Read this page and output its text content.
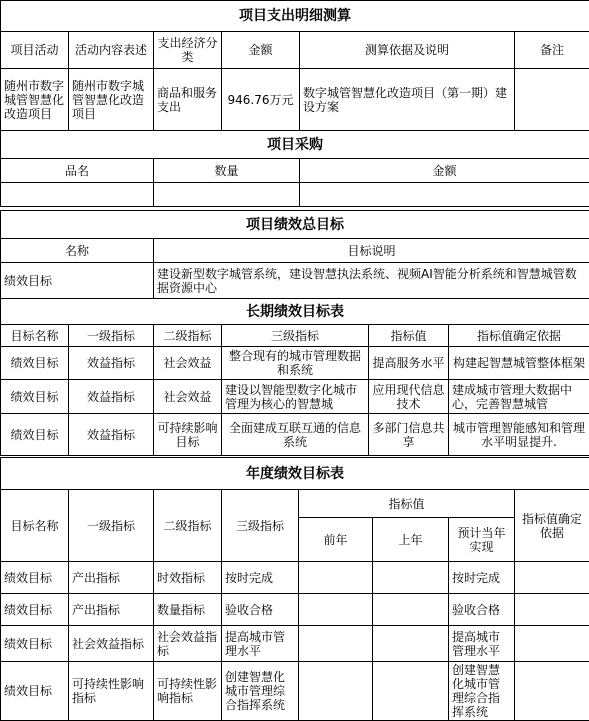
项目支出明细测算					
项目活动	活动内容表述	支出经济分类	金额	测算依据及说明	备注
随州市数字城管智慧化改造项目	随州市数字城管智慧化改造项目	商品和服务支出	946.76万元	数字城管智慧化改造项目（第一期）建设方案	
项目采购		
品名	数量	金额

项目绩效总目标	
名称	目标说明
绩效目标	建设新型数字城管系统，建设智慧执法系统、视频AI智能分析系统和智慧城管数据资源中心
长期绩效目标表					
目标名称	一级指标	二级指标	三级指标	指标值	指标值确定依据
绩效目标	效益指标	社会效益	整合现有的城市管理数据和系统	提高服务水平	构建起智慧城管整体框架
绩效目标	效益指标	社会效益	建设以智能型数字化城市管理为核心的智慧城	应用现代信息技术	建成城市管理大数据中心，完善智慧城管
绩效目标	效益指标	可持续影响目标	全面建成互联互通的信息系统	多部门信息共享	城市管理智能感知和管理水平明显提升.
年度绩效目标表							
目标名称	一级指标	二级指标	三级指标	指标值			指标值确定依据
				前年	上年	预计当年实现	
绩效目标	产出指标	时效指标	按时完成			按时完成	
绩效目标	产出指标	数量指标	验收合格			验收合格	
绩效目标	社会效益指标	社会效益指标	提高城市管理水平			提高城市管理水平	
绩效目标	可持续性影响指标	可持续性影响指标	创建智慧化城市管理综合指挥系统			创建智慧化城市管理综合指挥系统	
